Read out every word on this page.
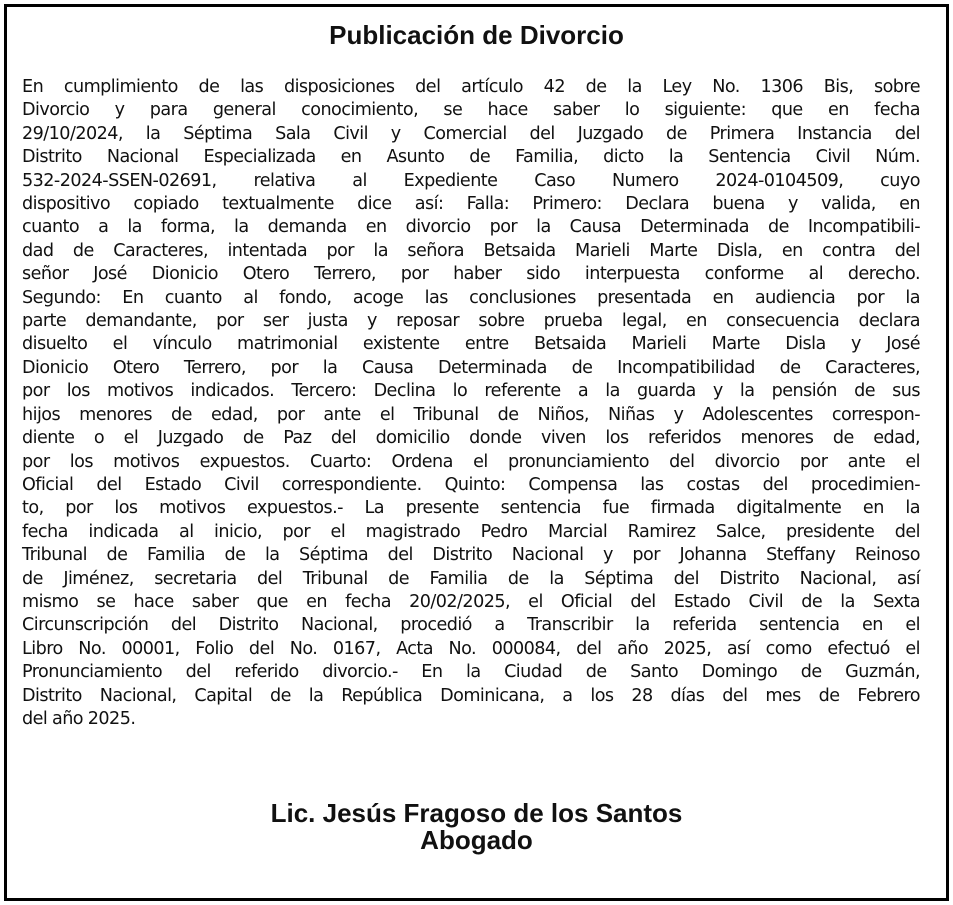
Publicación de Divorcio
En cumplimiento de las disposiciones del artículo 42 de la Ley No. 1306 Bis, sobre
Divorcio y para general conocimiento, se hace saber lo siguiente: que en fecha
29/10/2024, la Séptima Sala Civil y Comercial del Juzgado de Primera Instancia del
Distrito Nacional Especializada en Asunto de Familia, dicto la Sentencia Civil Núm.
532-2024-SSEN-02691, relativa al Expediente Caso Numero 2024-0104509, cuyo
dispositivo copiado textualmente dice así: Falla: Primero: Declara buena y valida, en
cuanto a la forma, la demanda en divorcio por la Causa Determinada de Incompatibili-
dad de Caracteres, intentada por la señora Betsaida Marieli Marte Disla, en contra del
señor José Dionicio Otero Terrero, por haber sido interpuesta conforme al derecho.
Segundo: En cuanto al fondo, acoge las conclusiones presentada en audiencia por la
parte demandante, por ser justa y reposar sobre prueba legal, en consecuencia declara
disuelto el vínculo matrimonial existente entre Betsaida Marieli Marte Disla y José
Dionicio Otero Terrero, por la Causa Determinada de Incompatibilidad de Caracteres,
por los motivos indicados. Tercero: Declina lo referente a la guarda y la pensión de sus
hijos menores de edad, por ante el Tribunal de Niños, Niñas y Adolescentes correspon-
diente o el Juzgado de Paz del domicilio donde viven los referidos menores de edad,
por los motivos expuestos. Cuarto: Ordena el pronunciamiento del divorcio por ante el
Oficial del Estado Civil correspondiente. Quinto: Compensa las costas del procedimien-
to, por los motivos expuestos.- La presente sentencia fue firmada digitalmente en la
fecha indicada al inicio, por el magistrado Pedro Marcial Ramirez Salce, presidente del
Tribunal de Familia de la Séptima del Distrito Nacional y por Johanna Steffany Reinoso
de Jiménez, secretaria del Tribunal de Familia de la Séptima del Distrito Nacional, así
mismo se hace saber que en fecha 20/02/2025, el Oficial del Estado Civil de la Sexta
Circunscripción del Distrito Nacional, procedió a Transcribir la referida sentencia en el
Libro No. 00001, Folio del No. 0167, Acta No. 000084, del año 2025, así como efectuó el
Pronunciamiento del referido divorcio.- En la Ciudad de Santo Domingo de Guzmán,
Distrito Nacional, Capital de la República Dominicana, a los 28 días del mes de Febrero
del año 2025.
Lic. Jesús Fragoso de los Santos
Abogado
